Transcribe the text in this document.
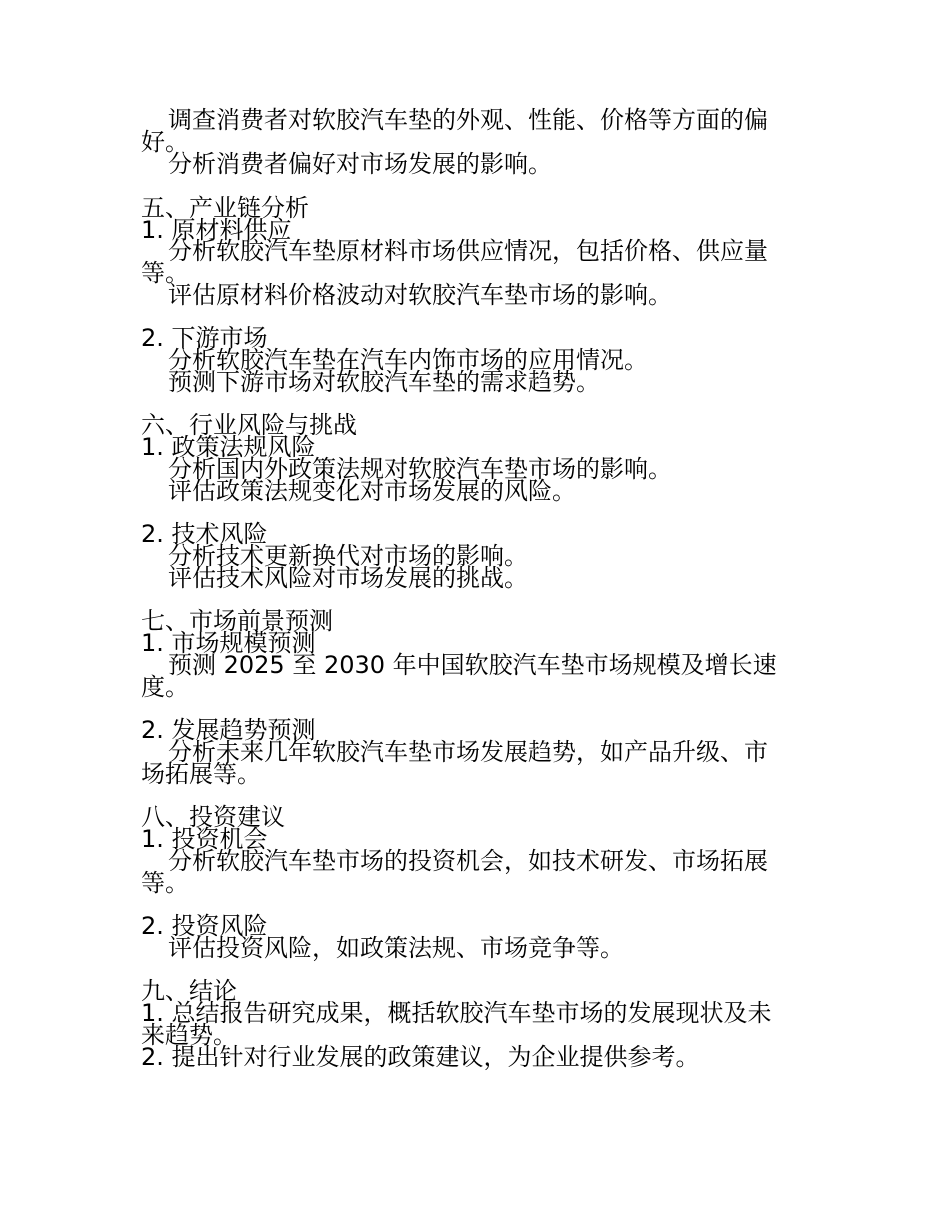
调查消费者对软胶汽车垫的外观、性能、价格等方面的偏
好。
分析消费者偏好对市场发展的影响。
五、产业链分析
1. 原材料供应
分析软胶汽车垫原材料市场供应情况，包括价格、供应量
等。
评估原材料价格波动对软胶汽车垫市场的影响。
2. 下游市场
分析软胶汽车垫在汽车内饰市场的应用情况。
预测下游市场对软胶汽车垫的需求趋势。
六、行业风险与挑战
1. 政策法规风险
分析国内外政策法规对软胶汽车垫市场的影响。
评估政策法规变化对市场发展的风险。
2. 技术风险
分析技术更新换代对市场的影响。
评估技术风险对市场发展的挑战。
七、市场前景预测
1. 市场规模预测
预测 2025 至 2030 年中国软胶汽车垫市场规模及增长速
度。
2. 发展趋势预测
分析未来几年软胶汽车垫市场发展趋势，如产品升级、市
场拓展等。
八、投资建议
1. 投资机会
分析软胶汽车垫市场的投资机会，如技术研发、市场拓展
等。
2. 投资风险
评估投资风险，如政策法规、市场竞争等。
九、结论
1. 总结报告研究成果，概括软胶汽车垫市场的发展现状及未
来趋势。
2. 提出针对行业发展的政策建议，为企业提供参考。
